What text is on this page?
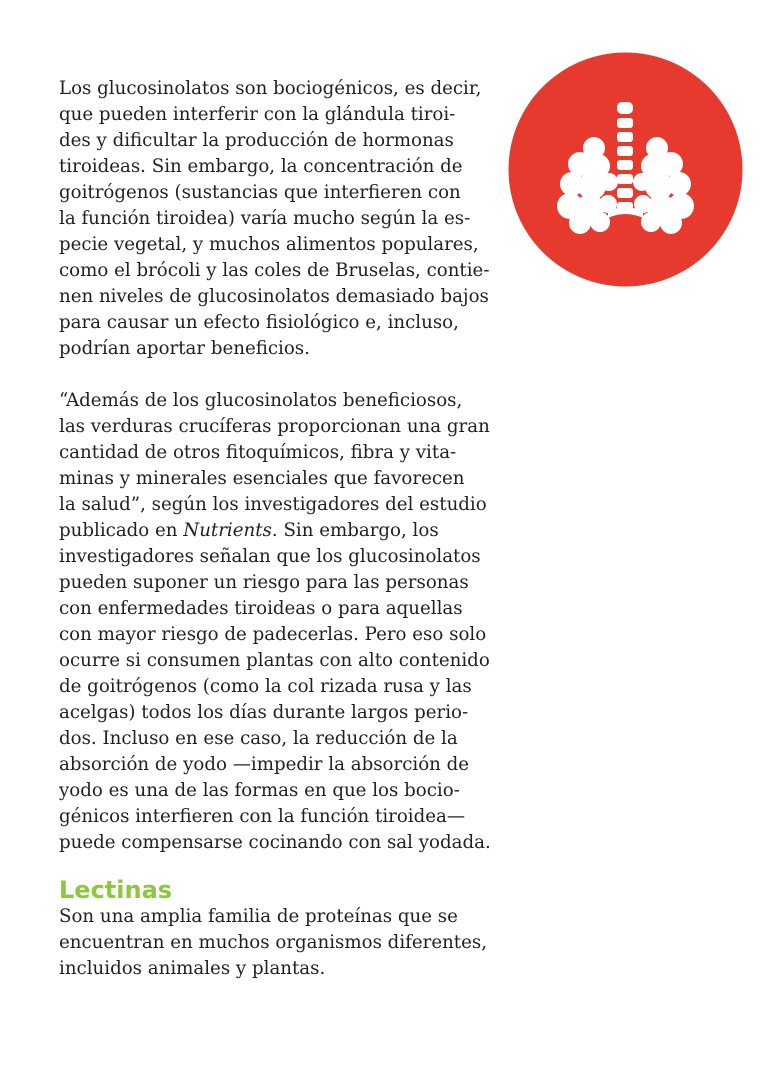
Los glucosinolatos son bociogénicos, es decir,
que pueden interferir con la glándula tiroi-
des y dificultar la producción de hormonas
tiroideas. Sin embargo, la concentración de
goitrógenos (sustancias que interfieren con
la función tiroidea) varía mucho según la es-
pecie vegetal, y muchos alimentos populares,
como el brócoli y las coles de Bruselas, contie-
nen niveles de glucosinolatos demasiado bajos
para causar un efecto fisiológico e, incluso,
podrían aportar beneficios.

“Además de los glucosinolatos beneficiosos,
las verduras crucíferas proporcionan una gran
cantidad de otros fitoquímicos, fibra y vita-
minas y minerales esenciales que favorecen
la salud”, según los investigadores del estudio
publicado en Nutrients. Sin embargo, los
investigadores señalan que los glucosinolatos
pueden suponer un riesgo para las personas
con enfermedades tiroideas o para aquellas
con mayor riesgo de padecerlas. Pero eso solo
ocurre si consumen plantas con alto contenido
de goitrógenos (como la col rizada rusa y las
acelgas) todos los días durante largos perio-
dos. Incluso en ese caso, la reducción de la
absorción de yodo —impedir la absorción de
yodo es una de las formas en que los bocio-
génicos interfieren con la función tiroidea—
puede compensarse cocinando con sal yodada.

Lectinas

Son una amplia familia de proteínas que se
encuentran en muchos organismos diferentes,
incluidos animales y plantas.
